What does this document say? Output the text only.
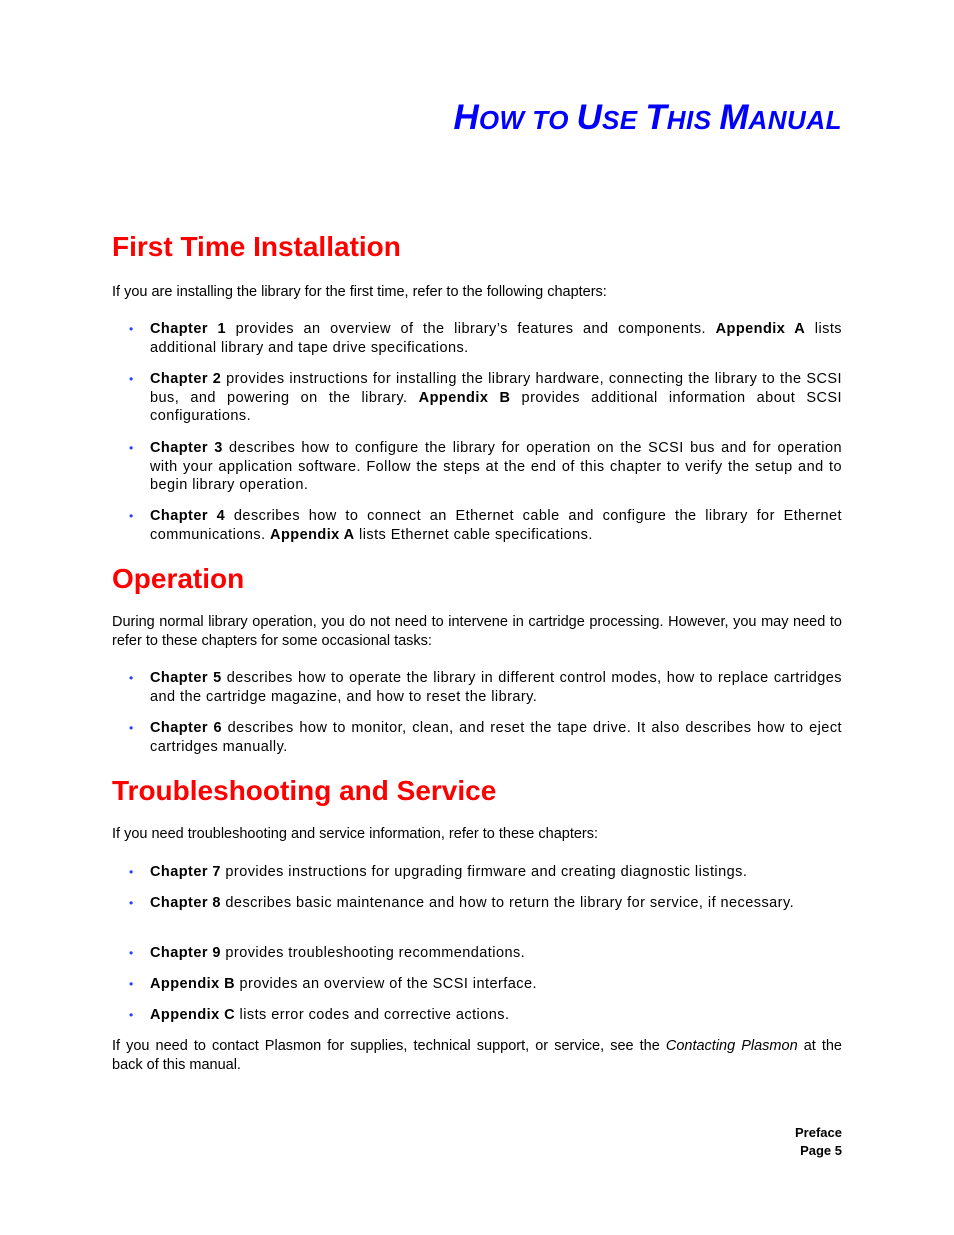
HOW TO USE THIS MANUAL
First Time Installation

If you are installing the library for the first time, refer to the following chapters:

• Chapter 1 provides an overview of the library’s features and components. Appendix A lists additional library and tape drive specifications.

• Chapter 2 provides instructions for installing the library hardware, connecting the library to the SCSI bus, and powering on the library. Appendix B provides additional information about SCSI configurations.

• Chapter 3 describes how to configure the library for operation on the SCSI bus and for operation with your application software. Follow the steps at the end of this chapter to verify the setup and to begin library operation.

• Chapter 4 describes how to connect an Ethernet cable and configure the library for Ethernet communications. Appendix A lists Ethernet cable specifications.

Operation

During normal library operation, you do not need to intervene in cartridge processing. However, you may need to refer to these chapters for some occasional tasks:

• Chapter 5 describes how to operate the library in different control modes, how to replace cartridges and the cartridge magazine, and how to reset the library.

• Chapter 6 describes how to monitor, clean, and reset the tape drive. It also describes how to eject cartridges manually.

Troubleshooting and Service

If you need troubleshooting and service information, refer to these chapters:

• Chapter 7 provides instructions for upgrading firmware and creating diagnostic listings.

• Chapter 8 describes basic maintenance and how to return the library for service, if necessary.

• Chapter 9 provides troubleshooting recommendations.

• Appendix B provides an overview of the SCSI interface.

• Appendix C lists error codes and corrective actions.

If you need to contact Plasmon for supplies, technical support, or service, see the Contacting Plasmon at the back of this manual.

Preface
Page 5
